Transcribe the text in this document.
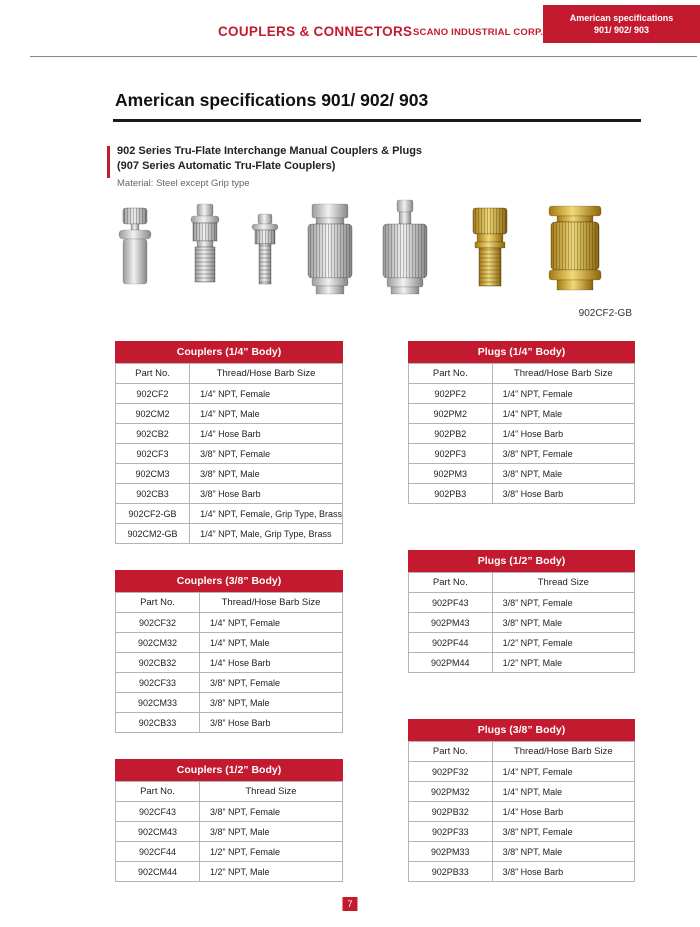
COUPLERS & CONNECTORS SCANO INDUSTRIAL CORP.
American specifications
901/ 902/ 903
American specifications 901/ 902/ 903
902 Series Tru-Flate Interchange Manual Couplers & Plugs
(907 Series Automatic Tru-Flate Couplers)
Material: Steel except Grip type
902CF2-GB
Couplers (1/4” Body)
Part No.	Thread/Hose Barb Size
902CF2	1/4” NPT, Female
902CM2	1/4” NPT, Male
902CB2	1/4” Hose Barb
902CF3	3/8” NPT, Female
902CM3	3/8” NPT, Male
902CB3	3/8” Hose Barb
902CF2-GB	1/4” NPT, Female, Grip Type, Brass
902CM2-GB	1/4” NPT, Male, Grip Type, Brass
Couplers (3/8” Body)
Part No.	Thread/Hose Barb Size
902CF32	1/4” NPT, Female
902CM32	1/4” NPT, Male
902CB32	1/4” Hose Barb
902CF33	3/8” NPT, Female
902CM33	3/8” NPT, Male
902CB33	3/8” Hose Barb
Couplers (1/2” Body)
Part No.	Thread Size
902CF43	3/8” NPT, Female
902CM43	3/8” NPT, Male
902CF44	1/2” NPT, Female
902CM44	1/2” NPT, Male
Plugs (1/4” Body)
Part No.	Thread/Hose Barb Size
902PF2	1/4” NPT, Female
902PM2	1/4” NPT, Male
902PB2	1/4” Hose Barb
902PF3	3/8” NPT, Female
902PM3	3/8” NPT, Male
902PB3	3/8” Hose Barb
Plugs (1/2” Body)
Part No.	Thread Size
902PF43	3/8” NPT, Female
902PM43	3/8” NPT, Male
902PF44	1/2” NPT, Female
902PM44	1/2” NPT, Male
Plugs (3/8” Body)
Part No.	Thread/Hose Barb Size
902PF32	1/4” NPT, Female
902PM32	1/4” NPT, Male
902PB32	1/4” Hose Barb
902PF33	3/8” NPT, Female
902PM33	3/8” NPT, Male
902PB33	3/8” Hose Barb
7
